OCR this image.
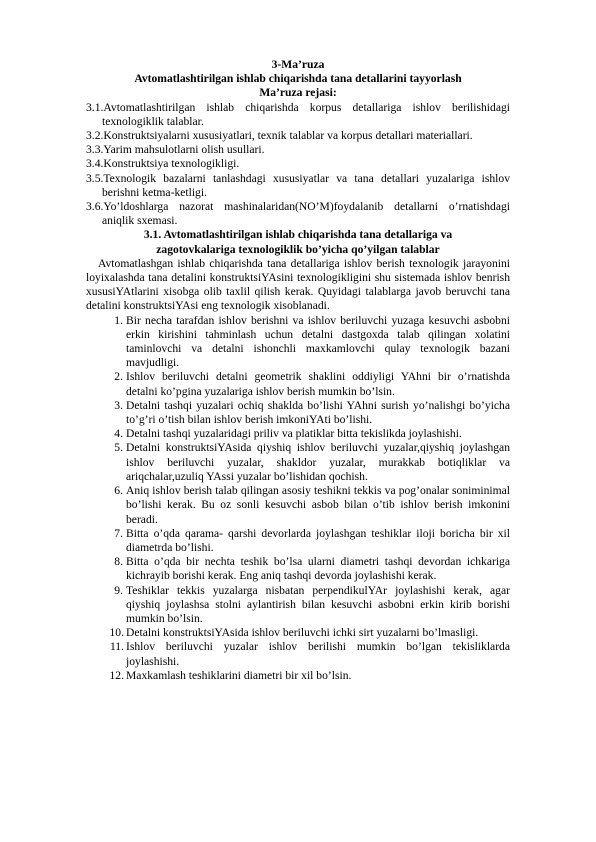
3-Ma’ruza
Avtomatlashtirilgan ishlab chiqarishda tana detallarini tayyorlash
Ma’ruza rejasi:
3.1.Avtomatlashtirilgan ishlab chiqarishda korpus detallariga ishlov berilishidagi texnologiklik talablar.
3.2.Konstruktsiyalarni xususiyatlari, texnik talablar va korpus detallari materiallari.
3.3.Yarim mahsulotlarni olish usullari.
3.4.Konstruktsiya texnologikligi.
3.5.Texnologik bazalarni tanlashdagi xususiyatlar va tana detallari yuzalariga ishlov berishni ketma-ketligi.
3.6.Yo’ldoshlarga nazorat mashinalaridan(NO’M)foydalanib detallarni o’rnatishdagi aniqlik sxemasi.
3.1. Avtomatlashtirilgan ishlab chiqarishda tana detallariga va
zagotovkalariga texnologiklik bo’yicha qo’yilgan talablar

Avtomatlashgan ishlab chiqarishda tana detallariga ishlov berish texnologik jarayonini loyixalashda tana detalini konstruktsiYAsini texnologikligini shu sistemada ishlov benrish xususiYAtlarini xisobga olib taxlil qilish kerak. Quyidagi talablarga javob beruvchi tana detalini konstruktsiYAsi eng texnologik xisoblanadi.

1. Bir necha tarafdan ishlov berishni va ishlov beriluvchi yuzaga kesuvchi asbobni erkin kirishini tahminlash uchun detalni dastgoxda talab qilingan xolatini taminlovchi va detalni ishonchli maxkamlovchi qulay texnologik bazani mavjudligi.
2. Ishlov beriluvchi detalni geometrik shaklini oddiyligi YAhni bir o’rnatishda detalni ko’pgina yuzalariga ishlov berish mumkin bo’lsin.
3. Detalni tashqi yuzalari ochiq shaklda bo’lishi YAhni surish yo’nalishgi bo’yicha to’g’ri o’tish bilan ishlov berish imkoniYAti bo’lishi.
4. Detalni tashqi yuzalaridagi priliv va platiklar bitta tekislikda joylashishi.
5. Detalni konstruktsiYAsida qiyshiq ishlov beriluvchi yuzalar,qiyshiq joylashgan ishlov beriluvchi yuzalar, shakldor yuzalar, murakkab botiqliklar va ariqchalar,uzuliq YAssi yuzalar bo’lishidan qochish.
6. Aniq ishlov berish talab qilingan asosiy teshikni tekkis va pog’onalar soniminimal bo’lishi kerak. Bu oz sonli kesuvchi asbob bilan o’tib ishlov berish imkonini beradi.
7. Bitta o’qda qarama- qarshi devorlarda joylashgan teshiklar iloji boricha bir xil diametrda bo’lishi.
8. Bitta o’qda bir nechta teshik bo’lsa ularni diametri tashqi devordan ichkariga kichrayib borishi kerak. Eng aniq tashqi devorda joylashishi kerak.
9. Teshiklar tekkis yuzalarga nisbatan perpendikulYAr joylashishi kerak, agar qiyshiq joylashsa stolni aylantirish bilan kesuvchi asbobni erkin kirib borishi mumkin bo’lsin.
10. Detalni konstruktsiYAsida ishlov beriluvchi ichki sirt yuzalarni bo’lmasligi.
11. Ishlov beriluvchi yuzalar ishlov berilishi mumkin bo’lgan tekisliklarda joylashishi.
12. Maxkamlash teshiklarini diametri bir xil bo’lsin.
